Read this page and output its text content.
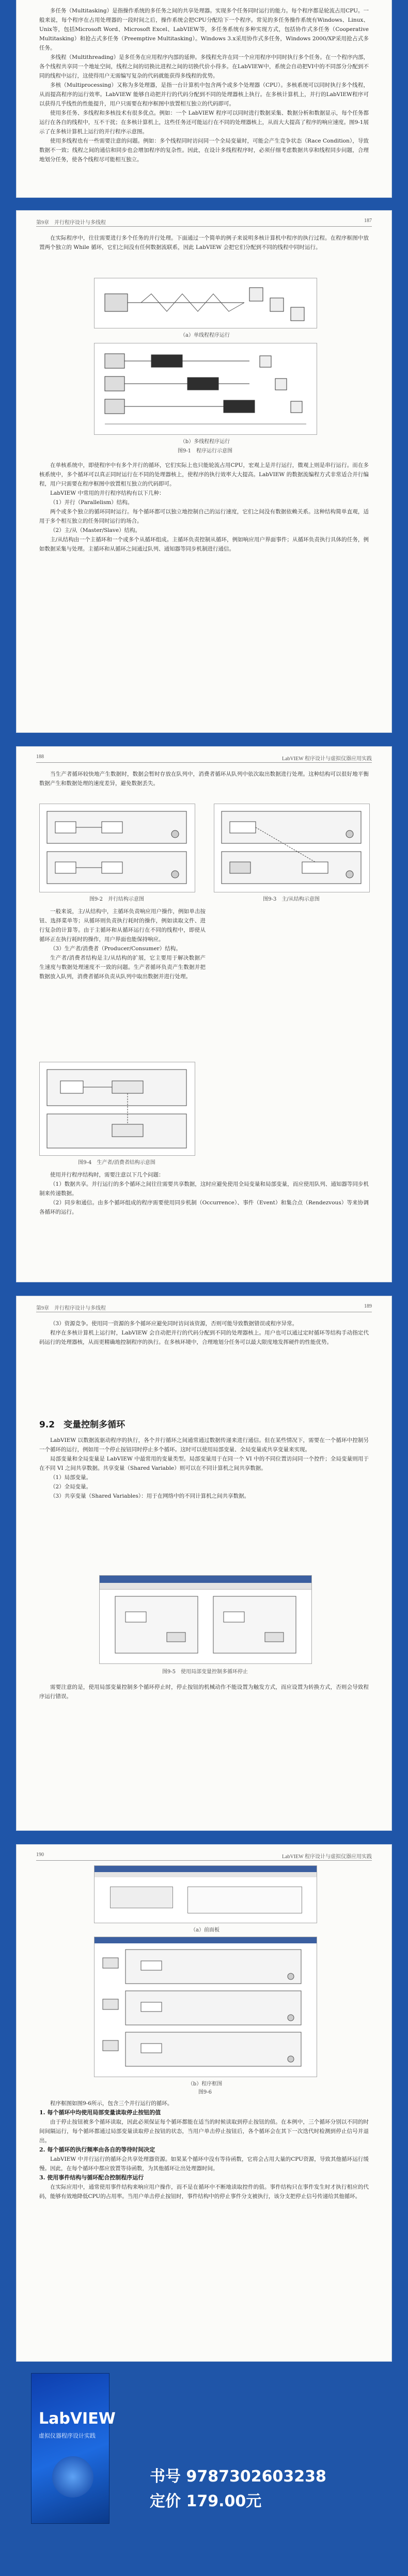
多任务（Multitasking）是指操作系统的多任务之间的共享处理器。实现多个任务同时运行的能力。每个程序都是轮流占用CPU。一般来说，每个程序在占用处理器的一段时间之后，操作系统会把CPU分配给下一个程序。常见的多任务操作系统有Windows、Linux、Unix等，包括Microsoft Word、Microsoft Excel、LabVIEW等，多任务系统有多种实现方式，包括协作式多任务（Cooperative Multitasking）和抢占式多任务（Preemptive Multitasking）。Windows 3.x采用协作式多任务，Windows 2000/XP采用抢占式多任务。

多线程（Multithreading）是多任务在应用程序内部的延伸。多线程允许在同一个应用程序中同时执行多个任务。在一个程序内部，各个线程共享同一个地址空间，线程之间的切换比进程之间的切换代价小得多。在LabVIEW中，系统会自动把VI中的不同部分分配到不同的线程中运行，这使得用户无需编写复杂的代码就能获得多线程的优势。

多核（Multiprocessing）又称为多处理器，是指一台计算机中包含两个或多个处理器（CPU）。多核系统可以同时执行多个线程，从而提高程序的运行效率。LabVIEW 能够自动把并行的代码分配到不同的处理器核上执行。在多核计算机上，并行的LabVIEW程序可以获得几乎线性的性能提升，用户只需要在程序框图中放置相互独立的代码即可。

使用多任务、多线程和多核技术有很多优点。例如：一个 LabVIEW 程序可以同时进行数据采集、数据分析和数据显示，每个任务都运行在各自的线程中，互不干扰；在多核计算机上，这些任务还可能运行在不同的处理器核上，从而大大提高了程序的响应速度。图9-1展示了在多核计算机上运行的并行程序示意图。

使用多线程也有一些需要注意的问题。例如：多个线程同时访问同一个全局变量时，可能会产生竞争状态（Race Condition），导致数据不一致；线程之间的通信和同步也会增加程序的复杂性。因此，在设计多线程程序时，必须仔细考虑数据共享和线程同步问题，合理地划分任务，使各个线程尽可能相互独立。

第9章　并行程序设计与多线程	187

在实际程序中，往往需要进行多个任务的并行处理。下面通过一个简单的例子来说明多核计算机中程序的执行过程。在程序框图中放置两个独立的 While 循环，它们之间没有任何数据流联系，因此 LabVIEW 会把它们分配到不同的线程中同时运行。

（a）单线程程序运行
（b）多线程程序运行
图9-1　程序运行示意图

在单核系统中，即使程序中有多个并行的循环，它们实际上也只能轮流占用CPU，宏观上是并行运行，微观上则是串行运行。而在多核系统中，多个循环可以真正同时运行在不同的处理器核上，使程序的执行效率大大提高。LabVIEW 的数据流编程方式非常适合并行编程，用户只需要在程序框图中放置相互独立的代码即可。

LabVIEW 中常用的并行程序结构有以下几种：

（1）并行（Parallelism）结构。

两个或多个独立的循环同时运行。每个循环都可以独立地控制自己的运行速度，它们之间没有数据依赖关系。这种结构简单直观，适用于多个相互独立的任务同时运行的场合。

（2）主/从（Master/Slave）结构。

主/从结构由一个主循环和一个或多个从循环组成。主循环负责控制从循环，例如响应用户界面事件；从循环负责执行具体的任务，例如数据采集与处理。主循环和从循环之间通过队列、通知器等同步机制进行通信。

188	LabVIEW 程序设计与虚拟仪器应用实践

当生产者循环较快地产生数据时，数据会暂时存放在队列中，消费者循环从队列中依次取出数据进行处理。这种结构可以很好地平衡数据产生和数据处理的速度差异，避免数据丢失。

图9-2　并行结构示意图	图9-3　主/从结构示意图

一般来说，主/从结构中，主循环负责响应用户操作，例如单击按钮、选择菜单等；从循环则负责执行耗时的操作，例如读取文件、进行复杂的计算等。由于主循环和从循环运行在不同的线程中，即使从循环正在执行耗时的操作，用户界面也能保持响应。

（3）生产者/消费者（Producer/Consumer）结构。

生产者/消费者结构是主/从结构的扩展，它主要用于解决数据产生速度与数据处理速度不一致的问题。生产者循环负责产生数据并把数据放入队列，消费者循环负责从队列中取出数据并进行处理。

图9-4　生产者/消费者结构示意图

使用并行程序结构时，需要注意以下几个问题：

（1）数据共享。并行运行的多个循环之间往往需要共享数据，这时应避免使用全局变量和局部变量，而应使用队列、通知器等同步机制来传递数据。

（2）同步和通信。由多个循环组成的程序需要使用同步机制（Occurrence）、事件（Event）和集合点（Rendezvous）等来协调各循环的运行。

第9章　并行程序设计与多线程	189

（3）资源竞争。使用同一资源的多个循环应避免同时访问该资源，否则可能导致数据错误或程序异常。

程序在多核计算机上运行时，LabVIEW 会自动把并行的代码分配到不同的处理器核上。用户也可以通过定时循环等结构手动指定代码运行的处理器核，从而更精确地控制程序的执行。在多核环境中，合理地划分任务可以最大限度地发挥硬件的性能优势。

9.2　变量控制多循环

LabVIEW 以数据流驱动程序的执行，各个并行循环之间通常通过数据传递来进行通信。但在某些情况下，需要在一个循环中控制另一个循环的运行，例如用一个停止按钮同时停止多个循环。这时可以使用局部变量、全局变量或共享变量来实现。

局部变量和全局变量是 LabVIEW 中最常用的变量类型。局部变量用于在同一个 VI 中的不同位置访问同一个控件；全局变量则用于在不同 VI 之间共享数据。共享变量（Shared Variable）则可以在不同计算机之间共享数据。

（1）局部变量。

（2）全局变量。

（3）共享变量（Shared Variables）：用于在网络中的不同计算机之间共享数据。

图9-5　使用局部变量控制多循环停止

需要注意的是，使用局部变量控制多个循环停止时，停止按钮的机械动作不能设置为触发方式，而应设置为转换方式，否则会导致程序运行错误。

190	LabVIEW 程序设计与虚拟仪器应用实践
（a）前面板
（b）程序框图
图9-6

程序框图如图9-6所示，包含三个并行运行的循环。

1. 每个循环中均使用局部变量读取停止按钮的值

由于停止按钮被多个循环读取，因此必须保证每个循环都能在适当的时候读取到停止按钮的值。在本例中，三个循环分别以不同的时间间隔运行，每个循环都通过局部变量读取停止按钮的状态，当用户单击停止按钮后，各个循环会在其下一次迭代时检测到停止信号并退出。

2. 每个循环的执行频率由各自的等待时间决定

LabVIEW 中并行运行的循环会共享处理器资源。如果某个循环中没有等待函数，它将会占用大量的CPU资源，导致其他循环运行缓慢。因此，在每个循环中都应放置等待函数，为其他循环让出处理器时间。

3. 使用事件结构与循环配合控制程序运行

在实际应用中，通常使用事件结构来响应用户操作，而不是在循环中不断地读取控件的值。事件结构只在事件发生时才执行相应的代码，能够有效地降低CPU的占用率。当用户单击停止按钮时，事件结构中的停止事件分支被执行，该分支把停止信号传递给其他循环。

LabVIEW
虚拟仪器程序设计实践
书号 9787302603238
定价 179.00元
